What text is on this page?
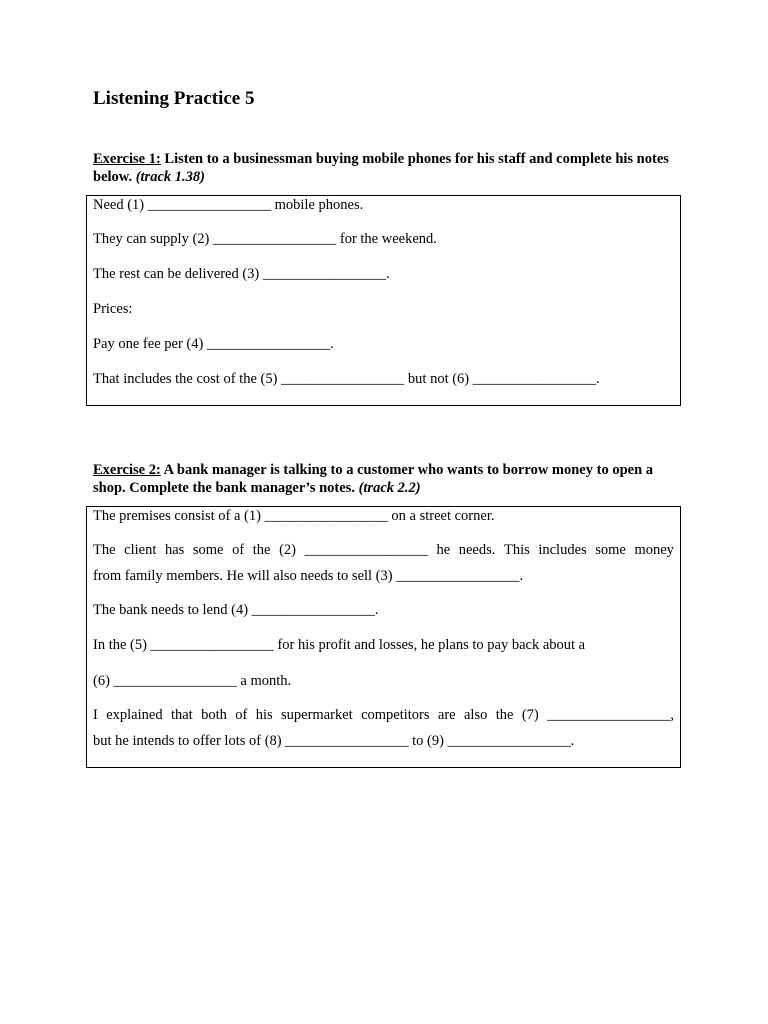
Listening Practice 5
Exercise 1: Listen to a businessman buying mobile phones for his staff and complete his notes below. (track 1.38)
Need (1) _________________ mobile phones.
They can supply (2) _________________ for the weekend.
The rest can be delivered (3) _________________.
Prices:
Pay one fee per (4) _________________.
That includes the cost of the (5) _________________ but not (6) _________________.
Exercise 2: A bank manager is talking to a customer who wants to borrow money to open a shop. Complete the bank manager’s notes. (track 2.2)
The premises consist of a (1) _________________ on a street corner.
The client has some of the (2) _________________ he needs. This includes some money
from family members. He will also needs to sell (3) _________________.
The bank needs to lend (4) _________________.
In the (5) _________________ for his profit and losses, he plans to pay back about a
(6) _________________ a month.
I explained that both of his supermarket competitors are also the (7) _________________,
but he intends to offer lots of (8) _________________ to (9) _________________.
